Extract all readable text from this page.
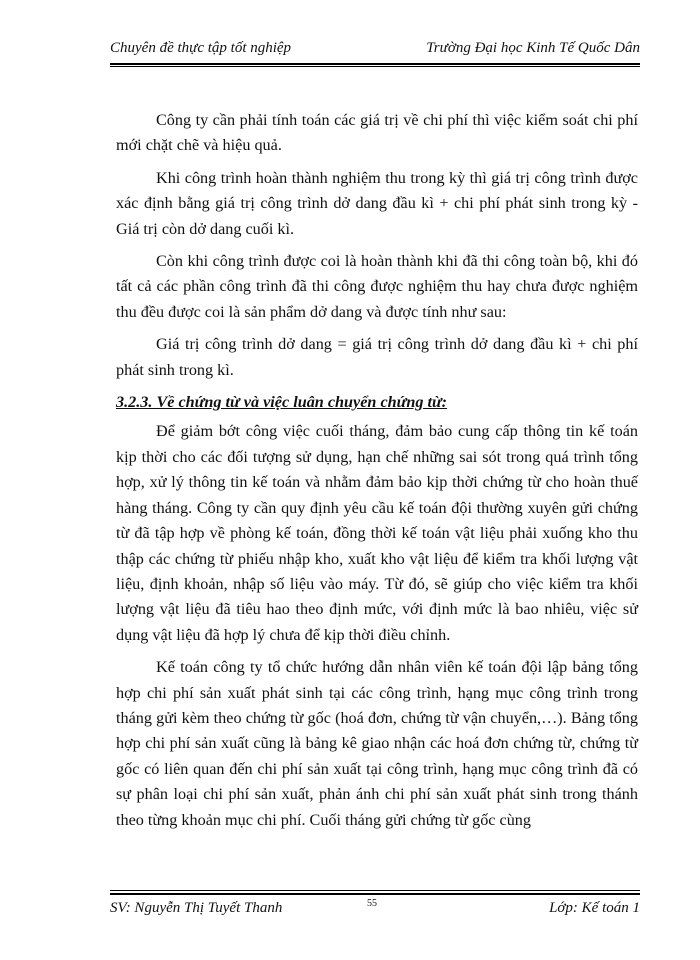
Chuyên đề thực tập tốt nghiệp	Trường Đại học Kinh Tế Quốc Dân

Công ty cần phải tính toán các giá trị về chi phí thì việc kiểm soát chi phí mới chặt chẽ và hiệu quả.

Khi công trình hoàn thành nghiệm thu trong kỳ thì giá trị công trình được xác định bằng giá trị công trình dở dang đầu kì + chi phí phát sinh trong kỳ - Giá trị còn dở dang cuối kì.

Còn khi công trình được coi là hoàn thành khi đã thi công toàn bộ, khi đó tất cả các phần công trình đã thi công được nghiệm thu hay chưa được nghiệm thu đều được coi là sản phẩm dở dang và được tính như sau:

Giá trị công trình dở dang = giá trị công trình dở dang đầu kì + chi phí phát sinh trong kì.

3.2.3. Về chứng từ và việc luân chuyển chứng từ:

Để giảm bớt công việc cuối tháng, đảm bảo cung cấp thông tin kế toán kịp thời cho các đối tượng sử dụng, hạn chế những sai sót trong quá trình tổng hợp, xử lý thông tin kế toán và nhằm đảm bảo kịp thời chứng từ cho hoàn thuế hàng tháng. Công ty cần quy định yêu cầu kế toán đội thường xuyên gửi chứng từ đã tập hợp về phòng kế toán, đồng thời kế toán vật liệu phải xuống kho thu thập các chứng từ phiếu nhập kho, xuất kho vật liệu để kiểm tra khối lượng vật liệu, định khoản, nhập số liệu vào máy. Từ đó, sẽ giúp cho việc kiểm tra khối lượng vật liệu đã tiêu hao theo định mức, với định mức là bao nhiêu, việc sử dụng vật liệu đã hợp lý chưa để kịp thời điều chỉnh.

Kế toán công ty tổ chức hướng dẫn nhân viên kế toán đội lập bảng tổng hợp chi phí sản xuất phát sinh tại các công trình, hạng mục công trình trong tháng gửi kèm theo chứng từ gốc (hoá đơn, chứng từ vận chuyển,…). Bảng tổng hợp chi phí sản xuất cũng là bảng kê giao nhận các hoá đơn chứng từ, chứng từ gốc có liên quan đến chi phí sản xuất tại công trình, hạng mục công trình đã có sự phân loại chi phí sản xuất, phản ánh chi phí sản xuất phát sinh trong thánh theo từng khoản mục chi phí. Cuối tháng gửi chứng từ gốc cùng

SV: Nguyễn Thị Tuyết Thanh	Lớp: Kế toán 1
55
